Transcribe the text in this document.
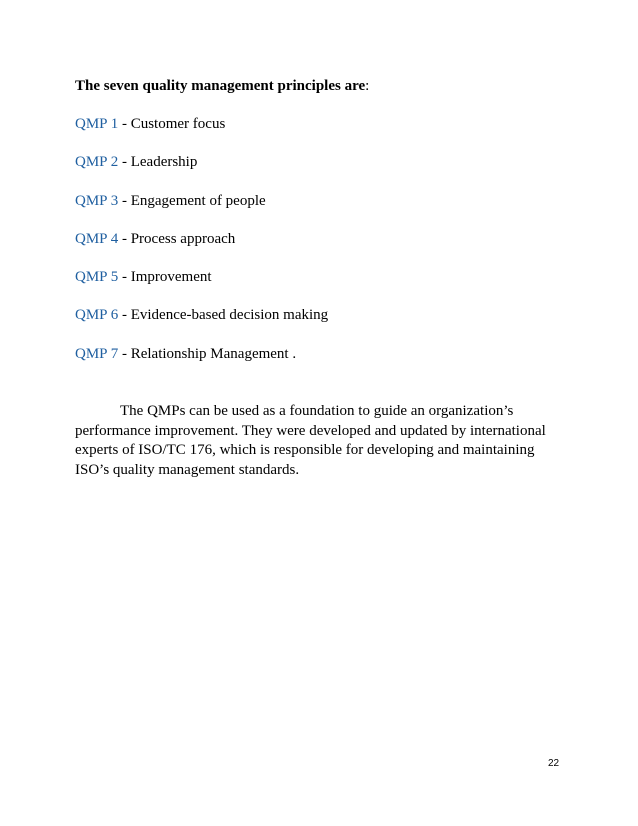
The seven quality management principles are:
QMP 1 - Customer focus
QMP 2 - Leadership
QMP 3 - Engagement of people
QMP 4 - Process approach
QMP 5 - Improvement
QMP 6 - Evidence-based decision making
QMP 7 - Relationship Management .

The QMPs can be used as a foundation to guide an organization’s performance improvement. They were developed and updated by international experts of ISO/TC 176, which is responsible for developing and maintaining ISO’s quality management standards.

22
